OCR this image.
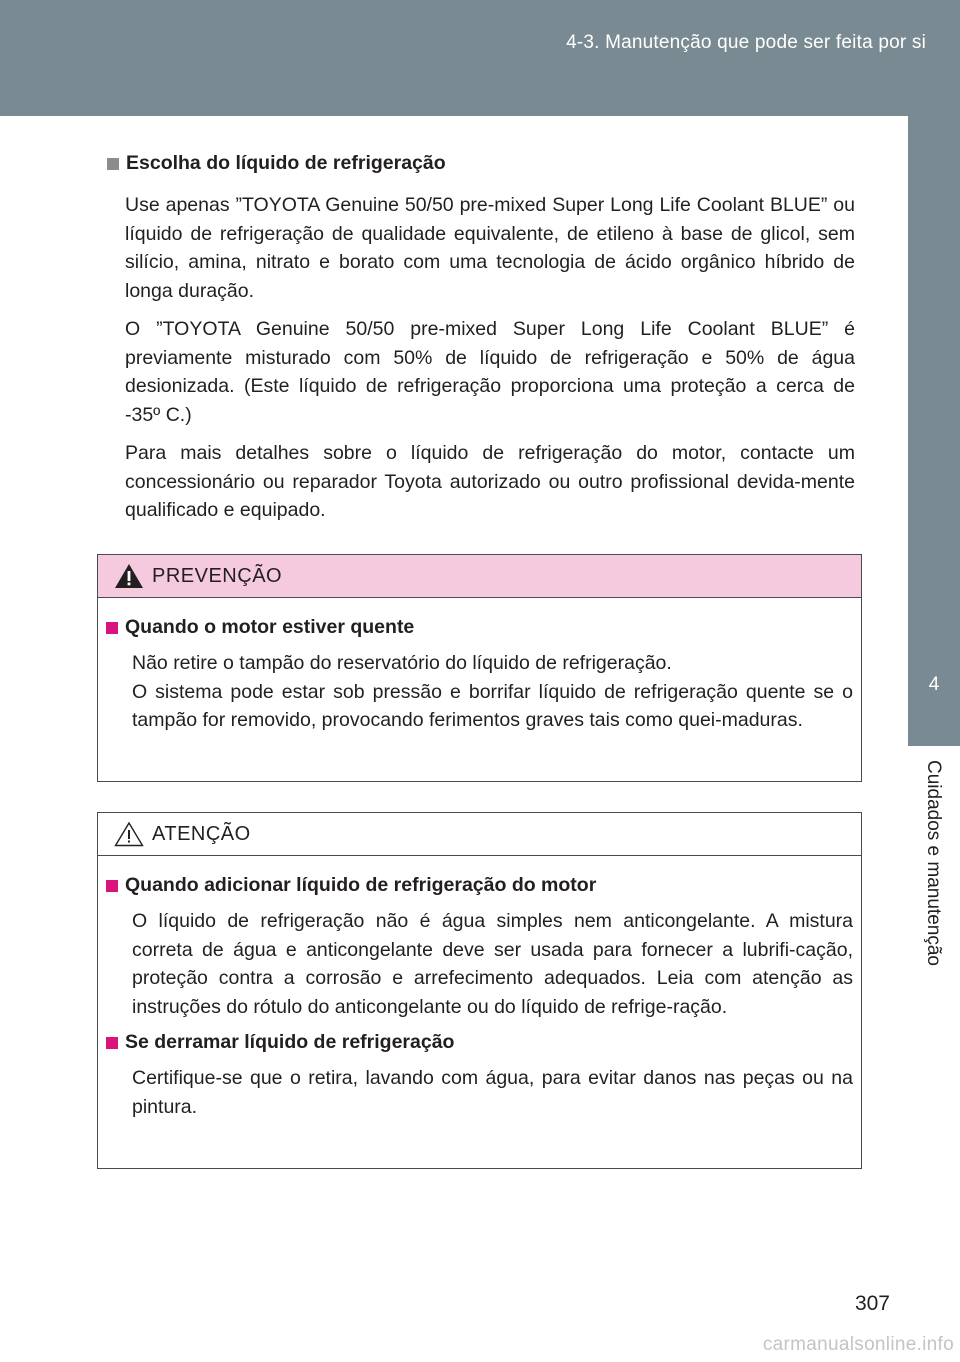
4-3. Manutenção que pode ser feita por si
4
Cuidados e manutenção
Escolha do líquido de refrigeração

Use apenas ”TOYOTA Genuine 50/50 pre-mixed Super Long Life Coolant BLUE” ou líquido de refrigeração de qualidade equivalente, de etileno à base de glicol, sem silício, amina, nitrato e borato com uma tecnologia de ácido orgânico híbrido de longa duração.

O ”TOYOTA Genuine 50/50 pre-mixed Super Long Life Coolant BLUE” é previamente misturado com 50% de líquido de refrigeração e 50% de água desionizada. (Este líquido de refrigeração proporciona uma proteção a cerca de -35º C.)

Para mais detalhes sobre o líquido de refrigeração do motor, contacte um concessionário ou reparador Toyota autorizado ou outro profissional devida-mente qualificado e equipado.

PREVENÇÃO
Quando o motor estiver quente

Não retire o tampão do reservatório do líquido de refrigeração.
O sistema pode estar sob pressão e borrifar líquido de refrigeração quente se o tampão for removido, provocando ferimentos graves tais como quei-maduras.

ATENÇÃO
Quando adicionar líquido de refrigeração do motor

O líquido de refrigeração não é água simples nem anticongelante. A mistura correta de água e anticongelante deve ser usada para fornecer a lubrifi-cação, proteção contra a corrosão e arrefecimento adequados. Leia com atenção as instruções do rótulo do anticongelante ou do líquido de refrige-ração.

Se derramar líquido de refrigeração

Certifique-se que o retira, lavando com água, para evitar danos nas peças ou na pintura.

307
carmanualsonline.info
